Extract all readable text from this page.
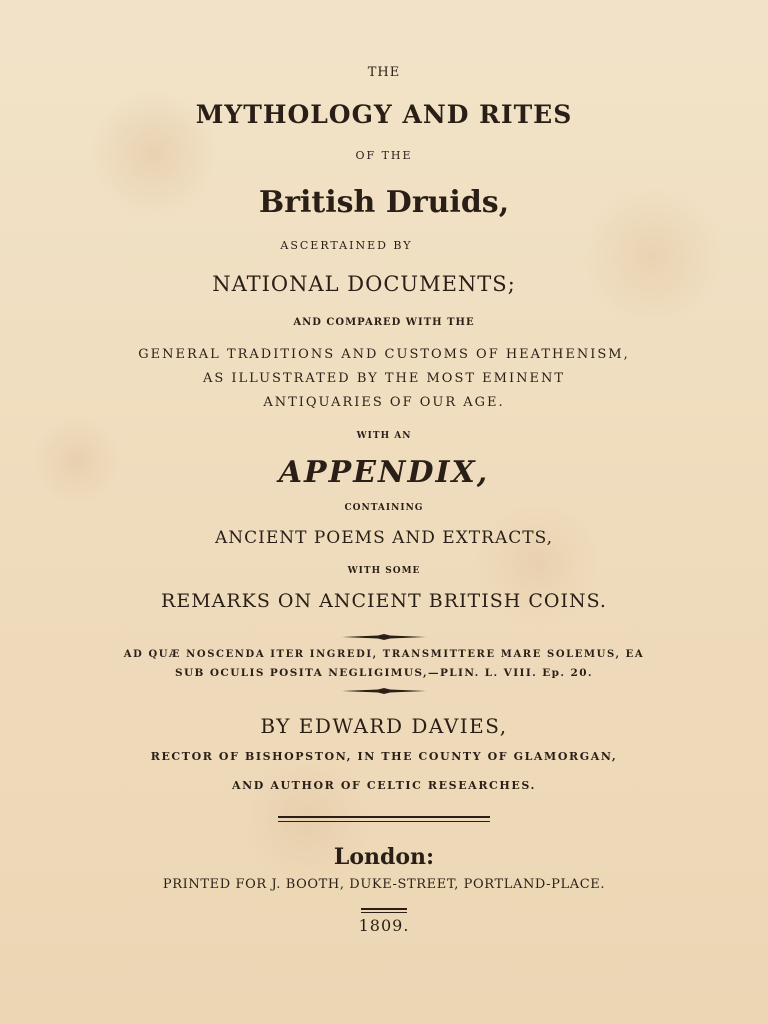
THE
MYTHOLOGY AND RITES
OF THE
British Druids,
ASCERTAINED BY
NATIONAL DOCUMENTS;
AND COMPARED WITH THE
GENERAL TRADITIONS AND CUSTOMS OF HEATHENISM,
AS ILLUSTRATED BY THE MOST EMINENT
ANTIQUARIES OF OUR AGE.
WITH AN
APPENDIX,
CONTAINING
ANCIENT POEMS AND EXTRACTS,
WITH SOME
REMARKS ON ANCIENT BRITISH COINS.
AD QUÆ NOSCENDA ITER INGREDI, TRANSMITTERE MARE SOLEMUS, EA
SUB OCULIS POSITA NEGLIGIMUS,—PLIN. L. VIII. Ep. 20.
BY EDWARD DAVIES,
RECTOR OF BISHOPSTON, IN THE COUNTY OF GLAMORGAN,
AND AUTHOR OF CELTIC RESEARCHES.
London:
PRINTED FOR J. BOOTH, DUKE-STREET, PORTLAND-PLACE.
1809.
